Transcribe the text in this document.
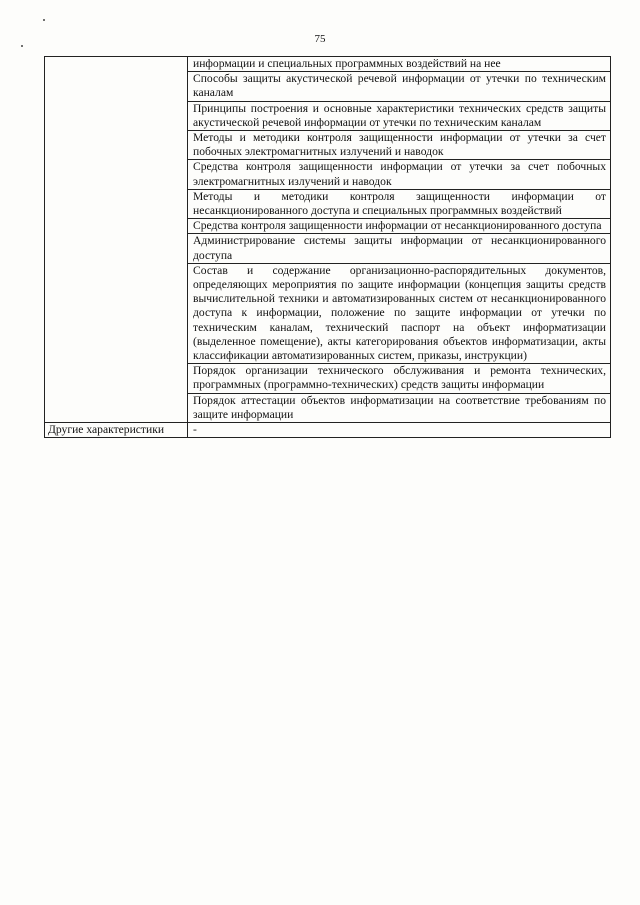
75
	информации и специальных программных воздействий на нее
	Способы защиты акустической речевой информации от утечки по техническим каналам
	Принципы построения и основные характеристики технических средств защиты акустической речевой информации от утечки по техническим каналам
	Методы и методики контроля защищенности информации от утечки за счет побочных электромагнитных излучений и наводок
	Средства контроля защищенности информации от утечки за счет побочных электромагнитных излучений и наводок
	Методы и методики контроля защищенности информации от несанкционированного доступа и специальных программных воздействий
	Средства контроля защищенности информации от несанкционированного доступа
	Администрирование системы защиты информации от несанкционированного доступа
	Состав и содержание организационно-распорядительных документов, определяющих мероприятия по защите информации (концепция защиты средств вычислительной техники и автоматизированных систем от несанкционированного доступа к информации, положение по защите информации от утечки по техническим каналам, технический паспорт на объект информатизации (выделенное помещение), акты категорирования объектов информатизации, акты классификации автоматизированных систем, приказы, инструкции)
	Порядок организации технического обслуживания и ремонта технических, программных (программно-технических) средств защиты информации
	Порядок аттестации объектов информатизации на соответствие требованиям по защите информации
Другие характеристики	-
